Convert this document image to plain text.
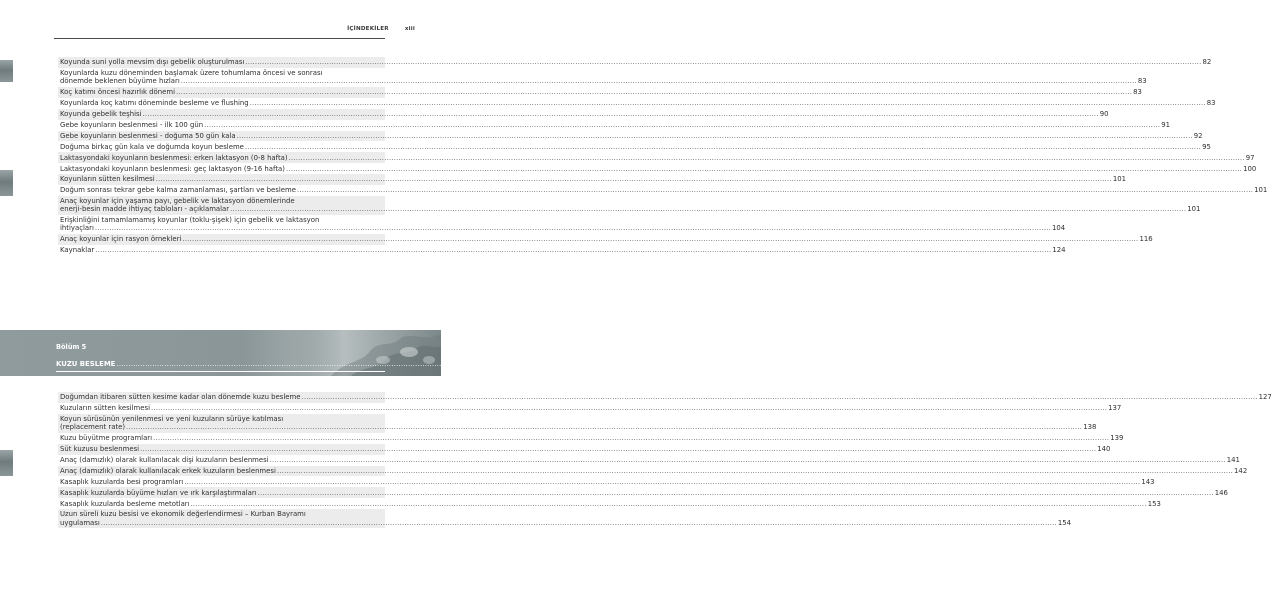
İÇİNDEKİLER	xiii
Koyunda suni yolla mevsim dışı gebelik oluşturulması ................................................................................................................................................................................................................................................................................................................................................................................................................ 82
Koyunlarda kuzu döneminden başlamak üzere tohumlama öncesi ve sonrası
dönemde beklenen büyüme hızları ................................................................................................................................................................................................................................................................................................................................................................................................................ 83
Koç katımı öncesi hazırlık dönemi ................................................................................................................................................................................................................................................................................................................................................................................................................ 83
Koyunlarda koç katımı döneminde besleme ve flushing ................................................................................................................................................................................................................................................................................................................................................................................................................ 83
Koyunda gebelik teşhisi ................................................................................................................................................................................................................................................................................................................................................................................................................ 90
Gebe koyunların beslenmesi - ilk 100 gün ................................................................................................................................................................................................................................................................................................................................................................................................................ 91
Gebe koyunların beslenmesi - doğuma 50 gün kala ................................................................................................................................................................................................................................................................................................................................................................................................................ 92
Doğuma birkaç gün kala ve doğumda koyun besleme ................................................................................................................................................................................................................................................................................................................................................................................................................ 95
Laktasyondaki koyunların beslenmesi: erken laktasyon (0-8 hafta) ................................................................................................................................................................................................................................................................................................................................................................................................................ 97
Laktasyondaki koyunların beslenmesi: geç laktasyon (9-16 hafta) ................................................................................................................................................................................................................................................................................................................................................................................................................ 100
Koyunların sütten kesilmesi ................................................................................................................................................................................................................................................................................................................................................................................................................ 101
Doğum sonrası tekrar gebe kalma zamanlaması, şartları ve besleme ................................................................................................................................................................................................................................................................................................................................................................................................................ 101
Anaç koyunlar için yaşama payı, gebelik ve laktasyon dönemlerinde
enerji-besin madde ihtiyaç tabloları - açıklamalar ................................................................................................................................................................................................................................................................................................................................................................................................................ 101
Erişkinliğini tamamlamamış koyunlar (toklu-şişek) için gebelik ve laktasyon
ihtiyaçları ................................................................................................................................................................................................................................................................................................................................................................................................................ 104
Anaç koyunlar için rasyon örnekleri ................................................................................................................................................................................................................................................................................................................................................................................................................ 116
Kaynaklar ................................................................................................................................................................................................................................................................................................................................................................................................................ 124
Bölüm 5
KUZU BESLEME ................................................................................................................................................................................................................ 127
Doğumdan itibaren sütten kesime kadar olan dönemde kuzu besleme ................................................................................................................................................................................................................................................................................................................................................................................................................ 127
Kuzuların sütten kesilmesi ................................................................................................................................................................................................................................................................................................................................................................................................................ 137
Koyun sürüsünün yenilenmesi ve yeni kuzuların sürüye katılması
(replacement rate) ................................................................................................................................................................................................................................................................................................................................................................................................................ 138
Kuzu büyütme programları ................................................................................................................................................................................................................................................................................................................................................................................................................ 139
Süt kuzusu beslenmesi ................................................................................................................................................................................................................................................................................................................................................................................................................ 140
Anaç (damızlık) olarak kullanılacak dişi kuzuların beslenmesi ................................................................................................................................................................................................................................................................................................................................................................................................................ 141
Anaç (damızlık) olarak kullanılacak erkek kuzuların beslenmesi ................................................................................................................................................................................................................................................................................................................................................................................................................ 142
Kasaplık kuzularda besi programları ................................................................................................................................................................................................................................................................................................................................................................................................................ 143
Kasaplık kuzularda büyüme hızları ve ırk karşılaştırmaları ................................................................................................................................................................................................................................................................................................................................................................................................................ 146
Kasaplık kuzularda besleme metotları ................................................................................................................................................................................................................................................................................................................................................................................................................ 153
Uzun süreli kuzu besisi ve ekonomik değerlendirmesi – Kurban Bayramı
uygulaması ................................................................................................................................................................................................................................................................................................................................................................................................................ 154
